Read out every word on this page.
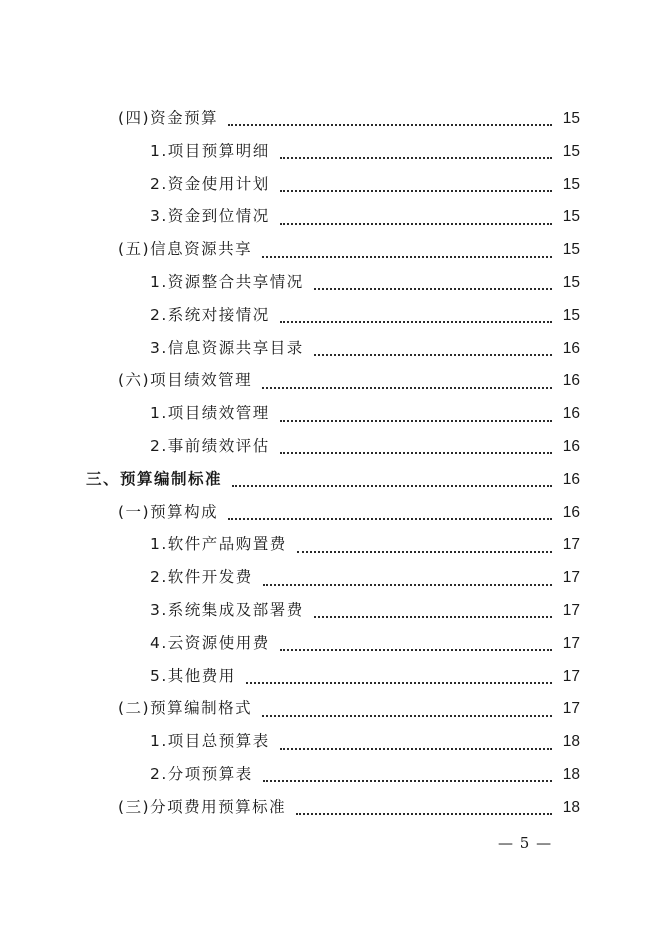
(四)资金预算	15
1.项目预算明细	15
2.资金使用计划	15
3.资金到位情况	15
(五)信息资源共享	15
1.资源整合共享情况	15
2.系统对接情况	15
3.信息资源共享目录	16
(六)项目绩效管理	16
1.项目绩效管理	16
2.事前绩效评估	16
三、预算编制标准	16
(一)预算构成	16
1.软件产品购置费	17
2.软件开发费	17
3.系统集成及部署费	17
4.云资源使用费	17
5.其他费用	17
(二)预算编制格式	17
1.项目总预算表	18
2.分项预算表	18
(三)分项费用预算标准	18
— 5 —
